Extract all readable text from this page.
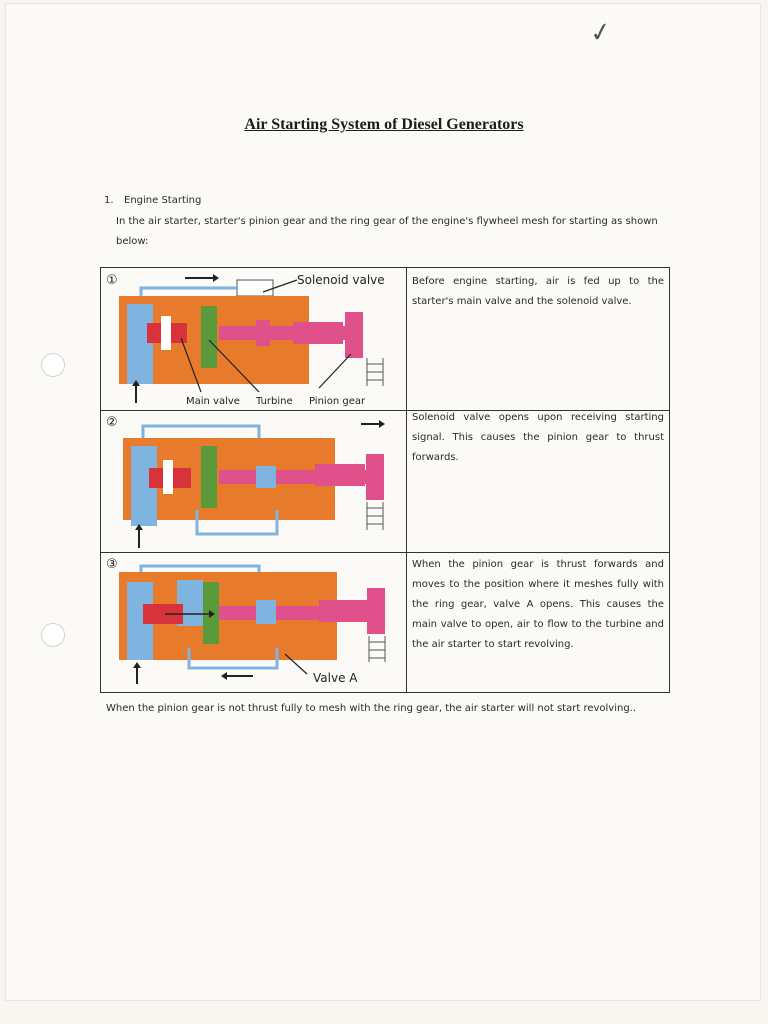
✓
Air Starting System of Diesel Generators
1. Engine Starting
In the air starter, starter's pinion gear and the ring gear of the engine's flywheel mesh for starting as shown below:
Before engine starting, air is fed up to the starter's main valve and the solenoid valve.
Solenoid valve opens upon receiving starting signal. This causes the pinion gear to thrust forwards.
When the pinion gear is thrust forwards and moves to the position where it meshes fully with the ring gear, valve A opens. This causes the main valve to open, air to flow to the turbine and the air starter to start revolving.
①	Solenoid valve
Main valve Turbine Pinion gear
②
③
Valve A
When the pinion gear is not thrust fully to mesh with the ring gear, the air starter will not start revolving..
